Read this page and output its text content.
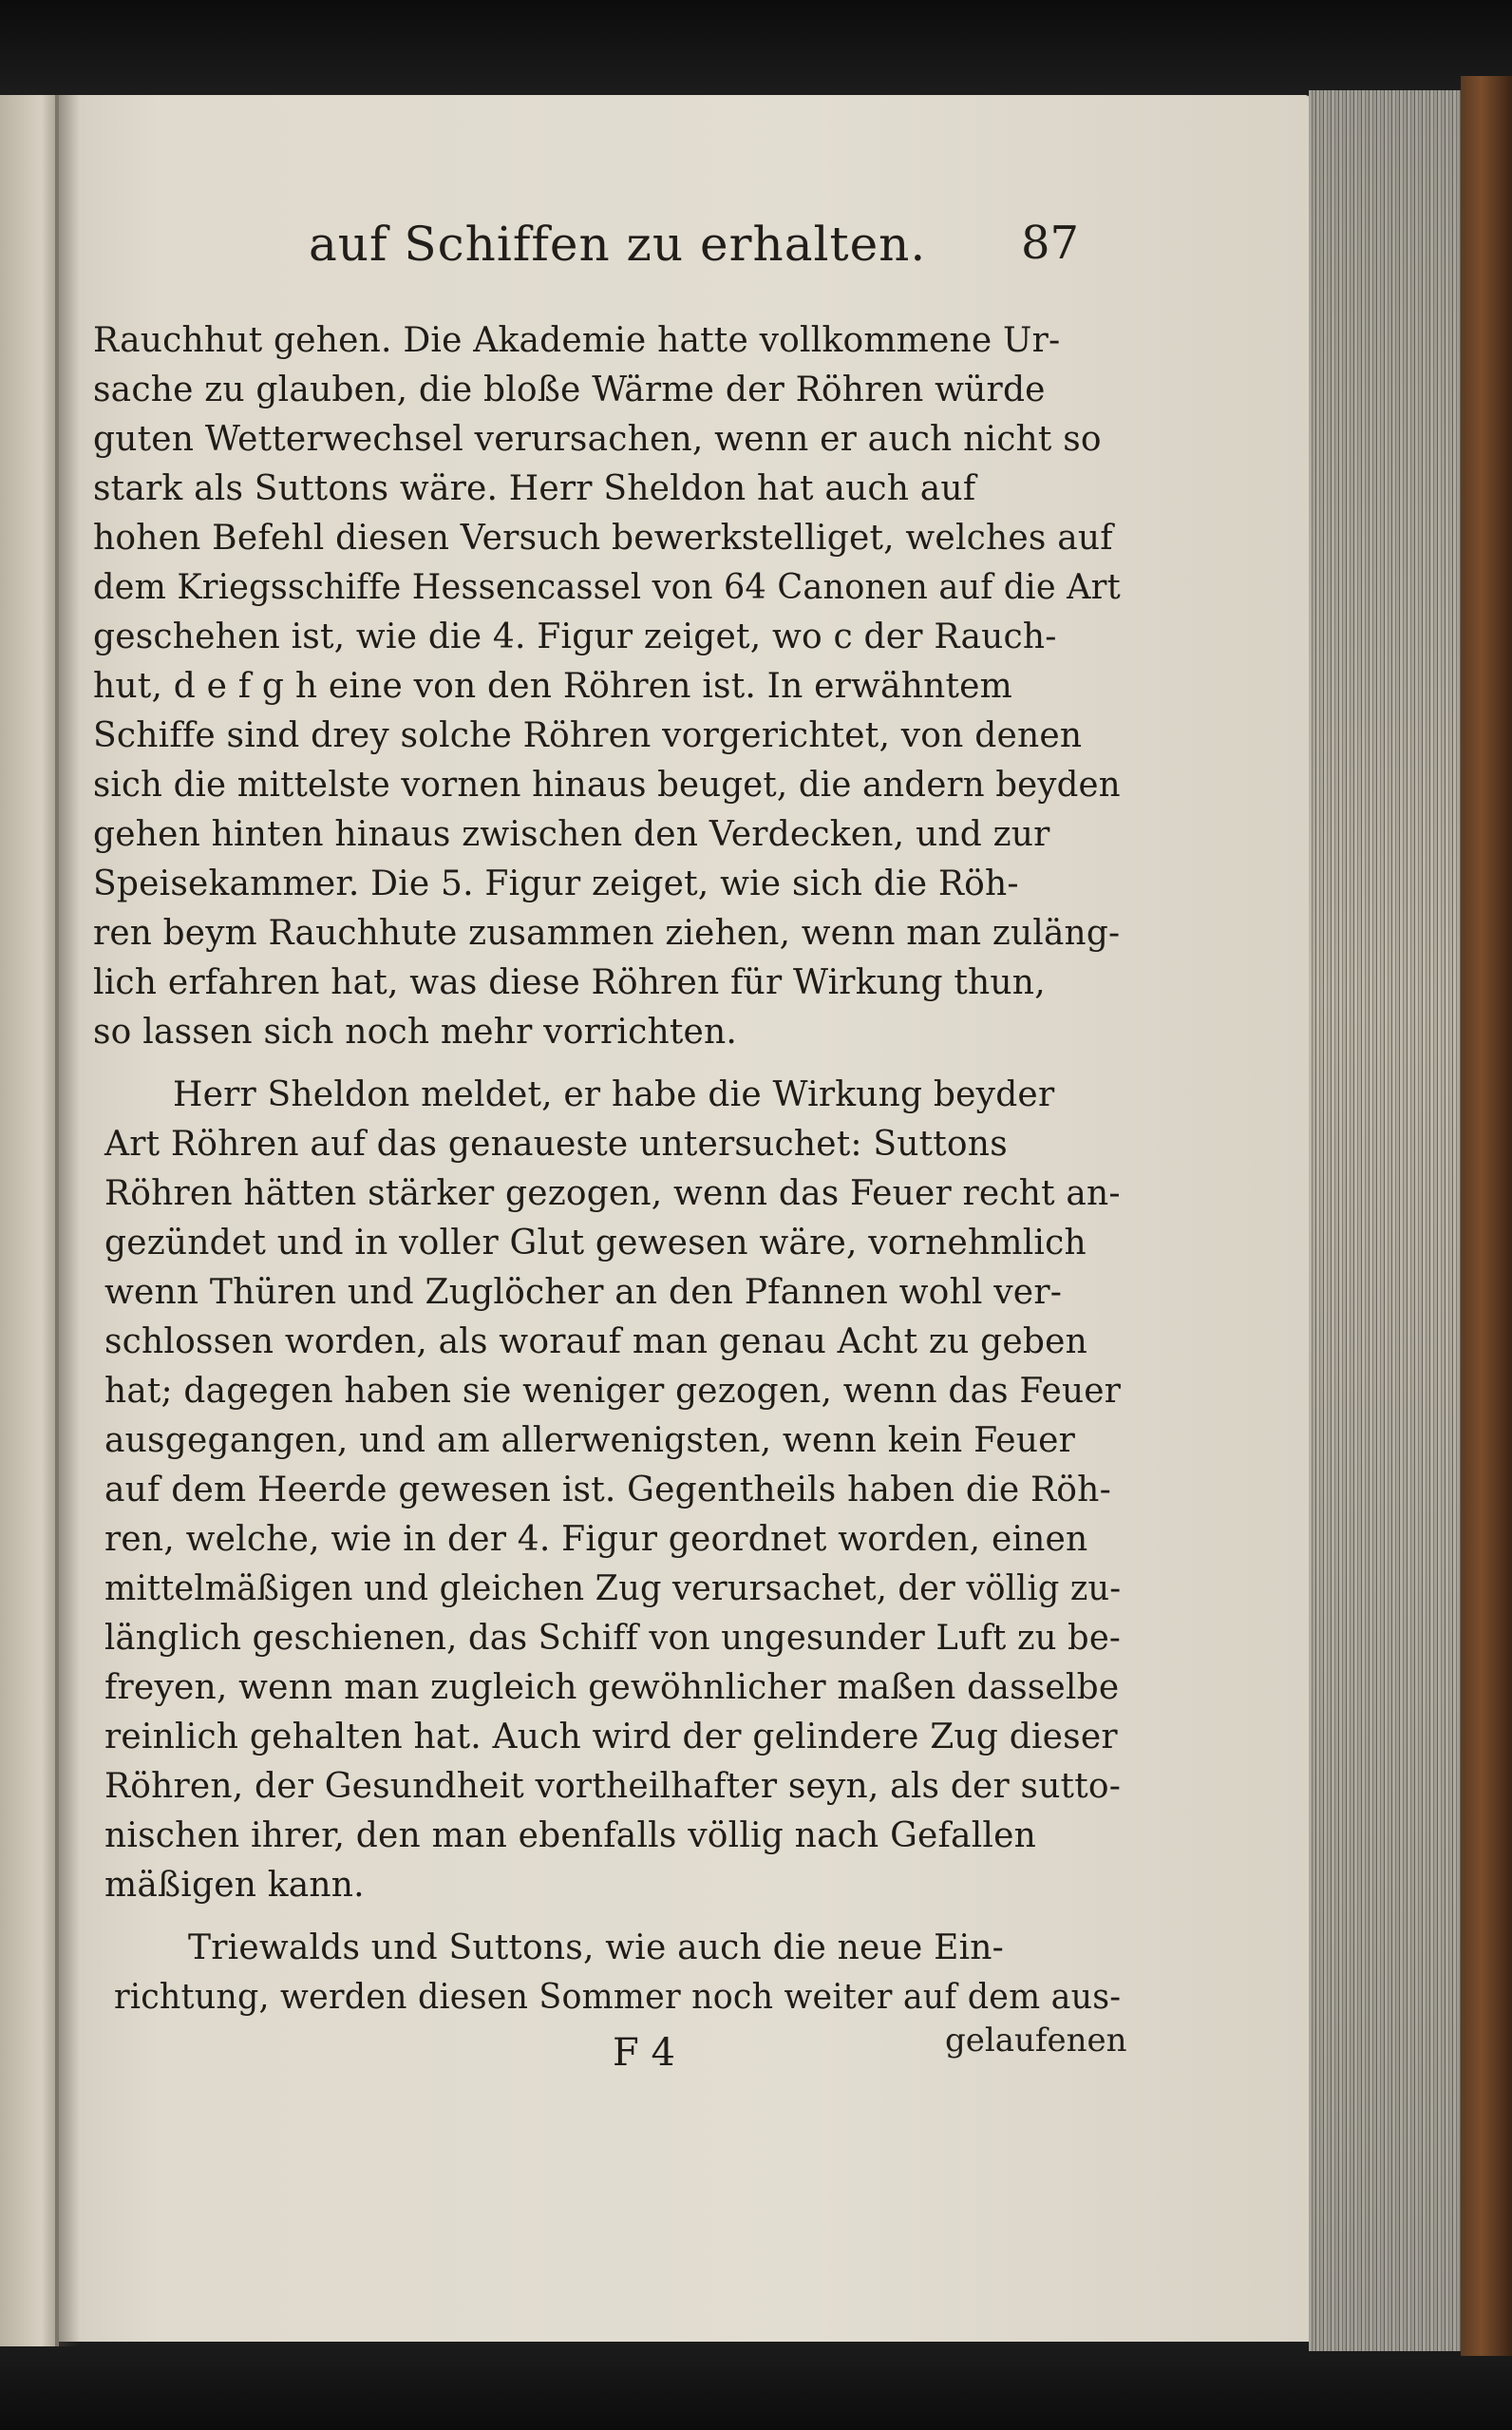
auf Schiffen zu erhalten. 87
Rauchhut gehen. Die Akademie hatte vollkommene Ur-
sache zu glauben, die bloße Wärme der Röhren würde
guten Wetterwechsel verursachen, wenn er auch nicht so
stark als Suttons wäre. Herr Sheldon hat auch auf
hohen Befehl diesen Versuch bewerkstelliget, welches auf
dem Kriegsschiffe Hessencassel von 64 Canonen auf die Art
geschehen ist, wie die 4. Figur zeiget, wo c der Rauch-
hut, d e f g h eine von den Röhren ist. In erwähntem
Schiffe sind drey solche Röhren vorgerichtet, von denen
sich die mittelste vornen hinaus beuget, die andern beyden
gehen hinten hinaus zwischen den Verdecken, und zur
Speisekammer. Die 5. Figur zeiget, wie sich die Röh-
ren beym Rauchhute zusammen ziehen, wenn man zuläng-
lich erfahren hat, was diese Röhren für Wirkung thun,
so lassen sich noch mehr vorrichten.
Herr Sheldon meldet, er habe die Wirkung beyder
Art Röhren auf das genaueste untersuchet: Suttons
Röhren hätten stärker gezogen, wenn das Feuer recht an-
gezündet und in voller Glut gewesen wäre, vornehmlich
wenn Thüren und Zuglöcher an den Pfannen wohl ver-
schlossen worden, als worauf man genau Acht zu geben
hat; dagegen haben sie weniger gezogen, wenn das Feuer
ausgegangen, und am allerwenigsten, wenn kein Feuer
auf dem Heerde gewesen ist. Gegentheils haben die Röh-
ren, welche, wie in der 4. Figur geordnet worden, einen
mittelmäßigen und gleichen Zug verursachet, der völlig zu-
länglich geschienen, das Schiff von ungesunder Luft zu be-
freyen, wenn man zugleich gewöhnlicher maßen dasselbe
reinlich gehalten hat. Auch wird der gelindere Zug dieser
Röhren, der Gesundheit vortheilhafter seyn, als der sutto-
nischen ihrer, den man ebenfalls völlig nach Gefallen
mäßigen kann.
Triewalds und Suttons, wie auch die neue Ein-
richtung, werden diesen Sommer noch weiter auf dem aus-
F 4	gelaufenen
